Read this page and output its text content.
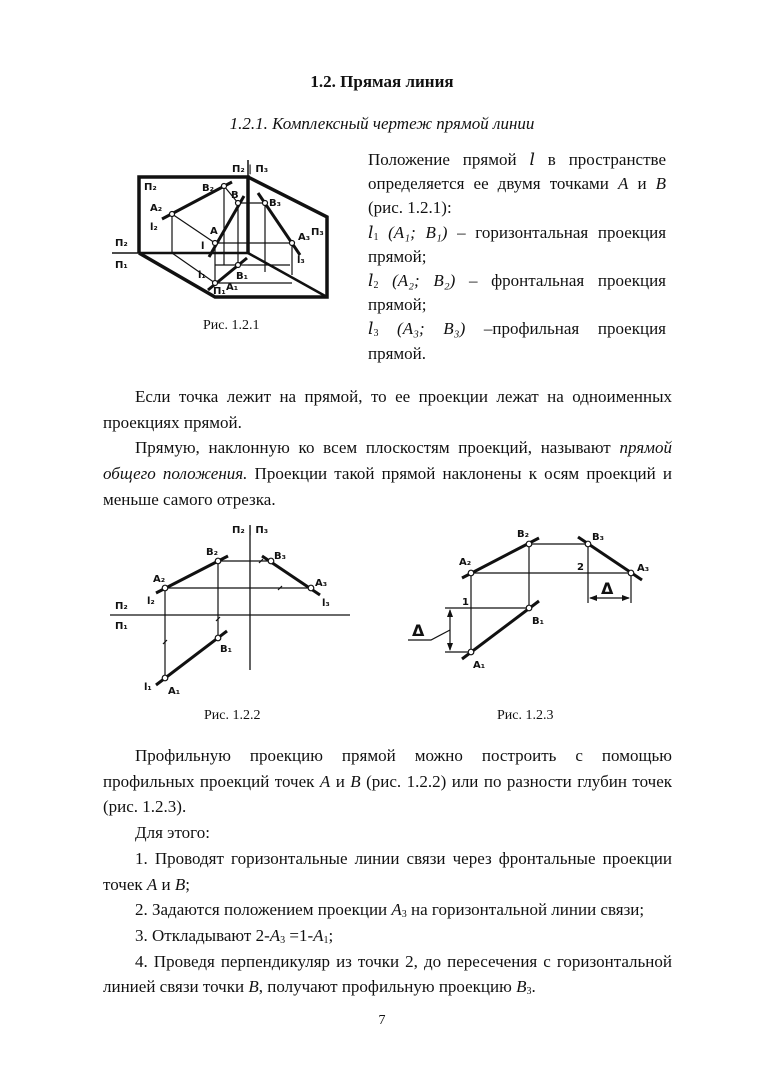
1.2. Прямая линия
1.2.1. Комплексный чертеж прямой линии
П₂ | П₃
П₂
П₂
П₁
A₂
l₂
B₂
B
A
l
B₃
A₃ П₃
l₃
l₁	B₁
П₁ A₁
Рис. 1.2.1

Положение прямой l в пространстве определяется ее двумя точками A и B (рис. 1.2.1):

$l_1$ (A₁; B₁) – горизонтальная проекция прямой;

$l_2$ (A₂; B₂) – фронтальная проекция прямой;

$l_3$ (A₃; B₃) –профильная проекция прямой.

Если точка лежит на прямой, то ее проекции лежат на одноименных проекциях прямой.

Прямую, наклонную ко всем плоскостям проекций, называют прямой общего положения. Проекции такой прямой наклонены к осям проекций и меньше самого отрезка.

П₂ | П₃
П₂
П₁
A₂
l₂
B₂	B₃
A₃
l₃
B₁
A₁
l₁
Рис. 1.2.2
A₂
B₂	B₃
A₃
2
1
B₁
A₁
Δ
Δ
Рис. 1.2.3

Профильную проекцию прямой можно построить с помощью профильных проекций точек A и B (рис. 1.2.2) или по разности глубин точек (рис. 1.2.3).

Для этого:

1. Проводят горизонтальные линии связи через фронтальные проекции точек A и B;

2. Задаются положением проекции $A_3$ на горизонтальной линии связи;

3. Откладывают $2-A_3 =1-A_1$;

4. Проведя перпендикуляр из точки 2, до пересечения с горизонтальной линией связи точки B, получают профильную проекцию $B_3$.

7
